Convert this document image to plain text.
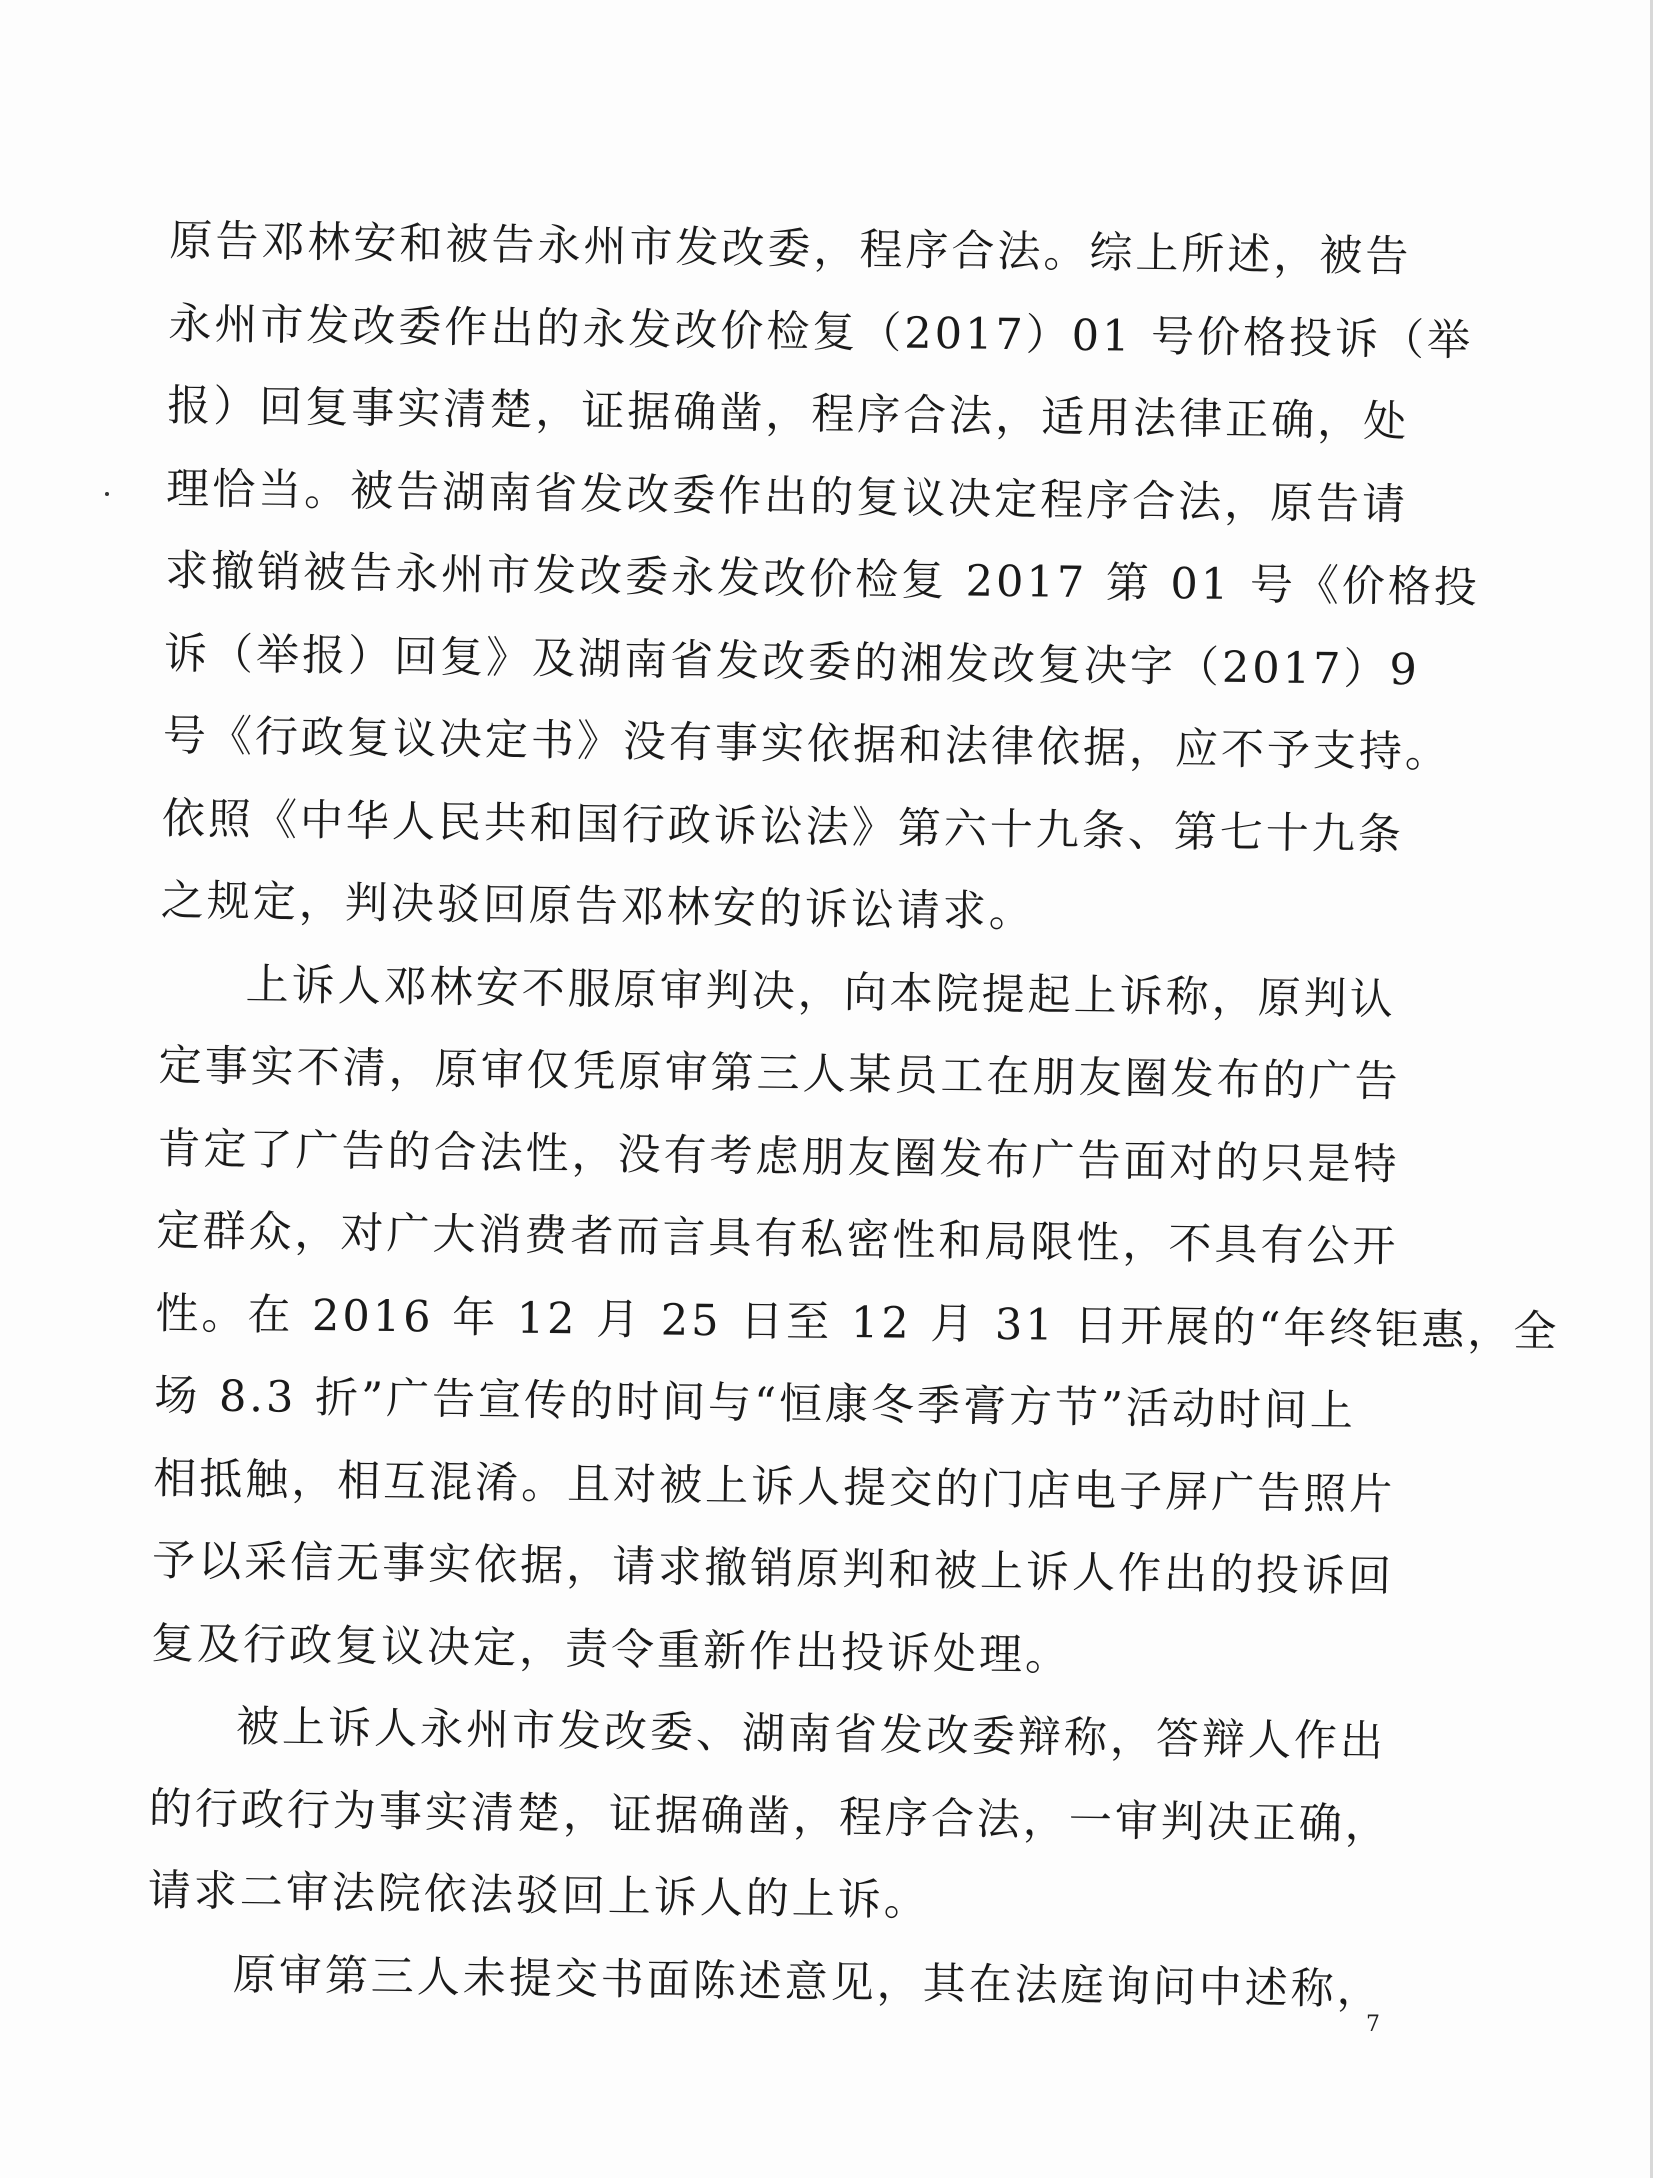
原告邓林安和被告永州市发改委，程序合法。综上所述，被告
永州市发改委作出的永发改价检复（2017）01 号价格投诉（举
报）回复事实清楚，证据确凿，程序合法，适用法律正确，处
理恰当。被告湖南省发改委作出的复议决定程序合法，原告请
求撤销被告永州市发改委永发改价检复 2017 第 01 号《价格投
诉（举报）回复》及湖南省发改委的湘发改复决字（2017）9
号《行政复议决定书》没有事实依据和法律依据，应不予支持。
依照《中华人民共和国行政诉讼法》第六十九条、第七十九条
之规定，判决驳回原告邓林安的诉讼请求。
上诉人邓林安不服原审判决，向本院提起上诉称，原判认
定事实不清，原审仅凭原审第三人某员工在朋友圈发布的广告
肯定了广告的合法性，没有考虑朋友圈发布广告面对的只是特
定群众，对广大消费者而言具有私密性和局限性，不具有公开
性。在 2016 年 12 月 25 日至 12 月 31 日开展的“年终钜惠，全
场 8.3 折”广告宣传的时间与“恒康冬季膏方节”活动时间上
相抵触，相互混淆。且对被上诉人提交的门店电子屏广告照片
予以采信无事实依据，请求撤销原判和被上诉人作出的投诉回
复及行政复议决定，责令重新作出投诉处理。
被上诉人永州市发改委、湖南省发改委辩称，答辩人作出
的行政行为事实清楚，证据确凿，程序合法，一审判决正确，
请求二审法院依法驳回上诉人的上诉。
原审第三人未提交书面陈述意见，其在法庭询问中述称，
7
